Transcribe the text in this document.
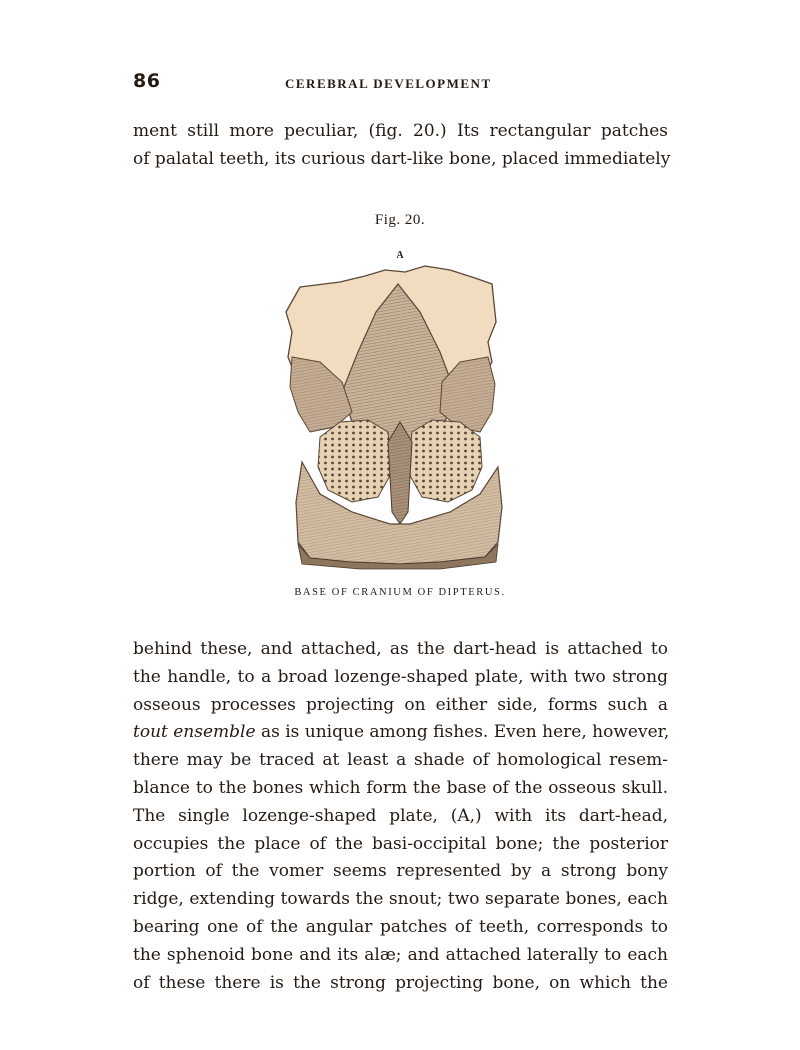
86	CEREBRAL DEVELOPMENT
ment still more peculiar, (fig. 20.) Its rectangular patches
of palatal teeth, its curious dart-like bone, placed immediately
Fig. 20.
A
BASE OF CRANIUM OF DIPTERUS.
behind these, and attached, as the dart-head is attached to
the handle, to a broad lozenge-shaped plate, with two strong
osseous processes projecting on either side, forms such a
tout ensemble as is unique among fishes. Even here, however,
there may be traced at least a shade of homological resem-
blance to the bones which form the base of the osseous skull.
The single lozenge-shaped plate, (A,) with its dart-head,
occupies the place of the basi-occipital bone; the posterior
portion of the vomer seems represented by a strong bony
ridge, extending towards the snout; two separate bones, each
bearing one of the angular patches of teeth, corresponds to
the sphenoid bone and its alæ; and attached laterally to each
of these there is the strong projecting bone, on which the
